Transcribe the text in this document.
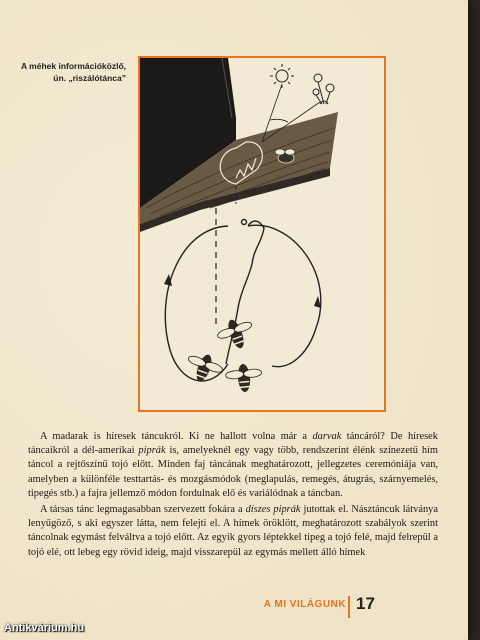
A méhek információközlő,
ún. „riszálótánca”

A madarak is híresek táncukról. Ki ne hallott volna már a darvak táncáról? De híresek táncaikról a dél-amerikai piprák is, amelyeknél egy vagy több, rendszerint élénk színezetű hím táncol a rejtőszínű tojó előtt. Minden faj táncának meghatározott, jellegzetes ceremóniája van, amelyben a különféle testtartás- és mozgásmódok (meglapulás, remegés, átugrás, szárnyemelés, tipegés stb.) a fajra jellemző módon fordulnak elő és variálódnak a táncban.

A társas tánc legmagasabban szervezett fokára a díszes piprák jutottak el. Násztáncuk látványa lenyűgöző, s aki egyszer látta, nem felejti el. A hímek öröklött, meghatározott szabályok szerint táncolnak egymást felváltva a tojó előtt. Az egyik gyors léptekkel tipeg a tojó felé, majd felrepül a tojó elé, ott lebeg egy rövid ideig, majd visszarepül az egymás mellett álló hímek

A MI VILÁGUNK 17
Antikvárium.hu
